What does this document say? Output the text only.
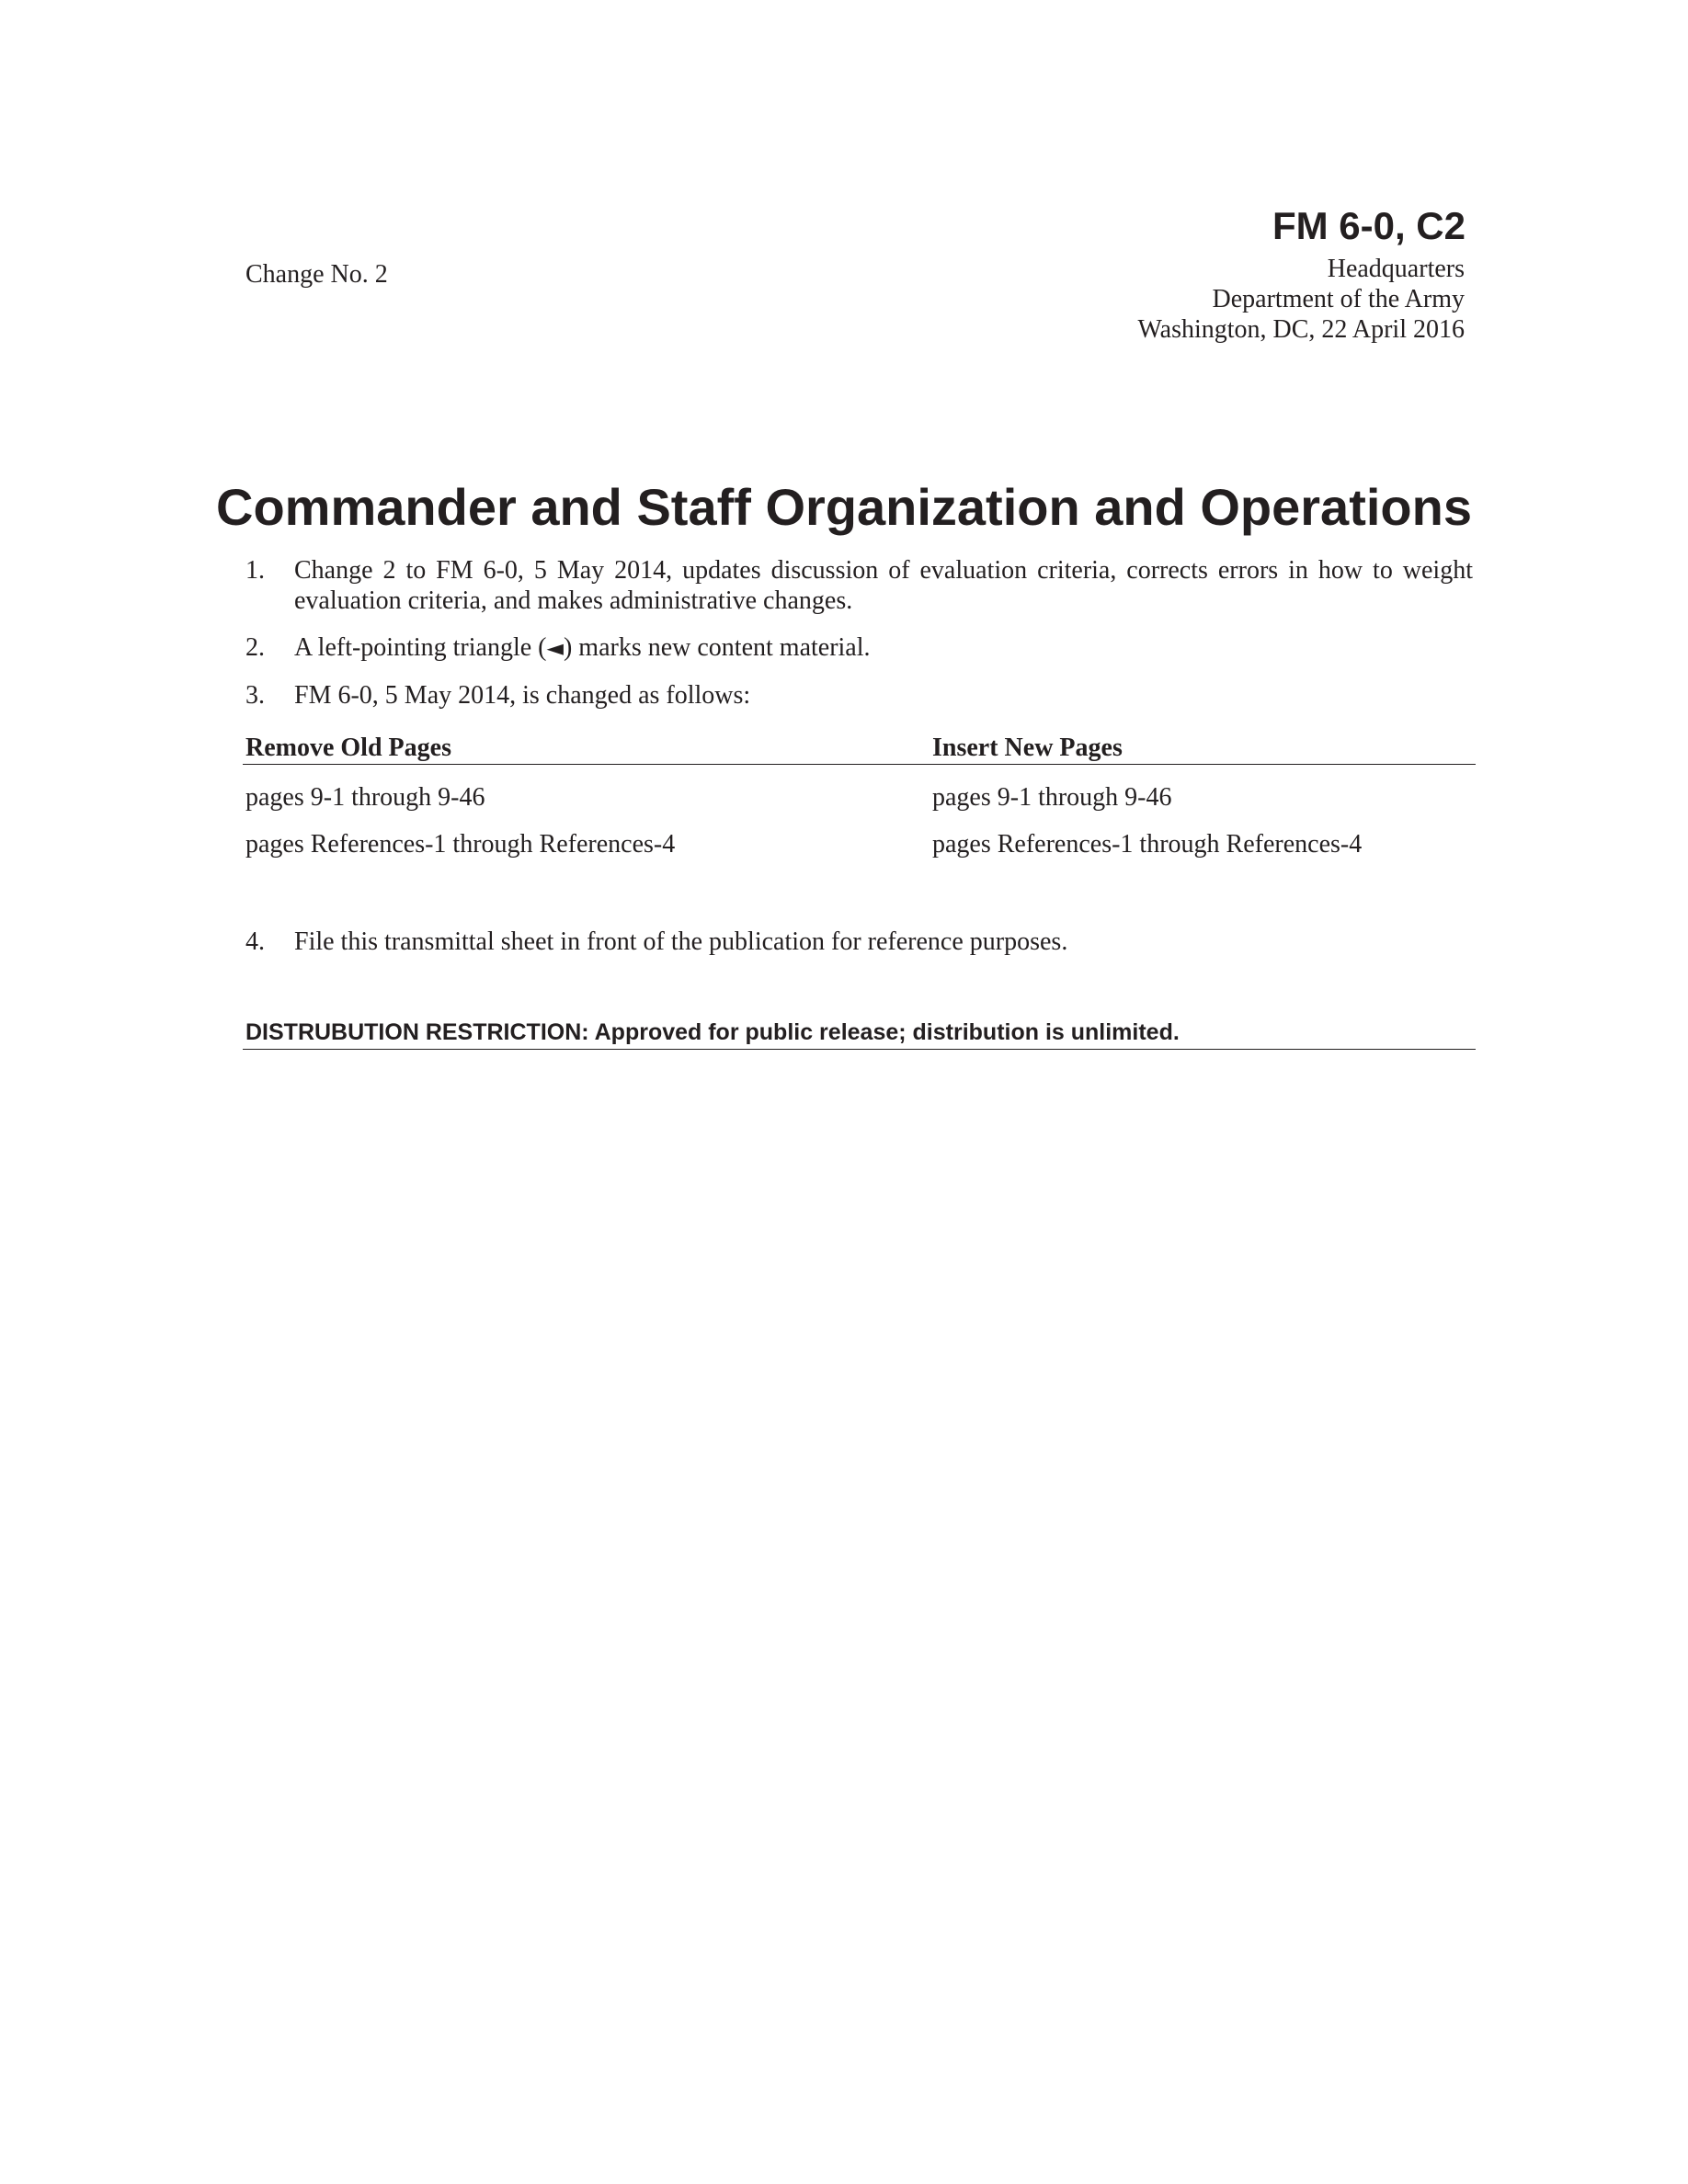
FM 6-0, C2
Change No. 2	Headquarters
Department of the Army
Washington, DC, 22 April 2016
Commander and Staff Organization and Operations
1. Change 2 to FM 6-0, 5 May 2014, updates discussion of evaluation criteria, corrects errors in how to weight evaluation criteria, and makes administrative changes.
2. A left-pointing triangle (◄) marks new content material.
3. FM 6-0, 5 May 2014, is changed as follows:
Remove Old Pages	Insert New Pages
pages 9-1 through 9-46	pages 9-1 through 9-46
pages References-1 through References-4	pages References-1 through References-4
4. File this transmittal sheet in front of the publication for reference purposes.
DISTRUBUTION RESTRICTION: Approved for public release; distribution is unlimited.
